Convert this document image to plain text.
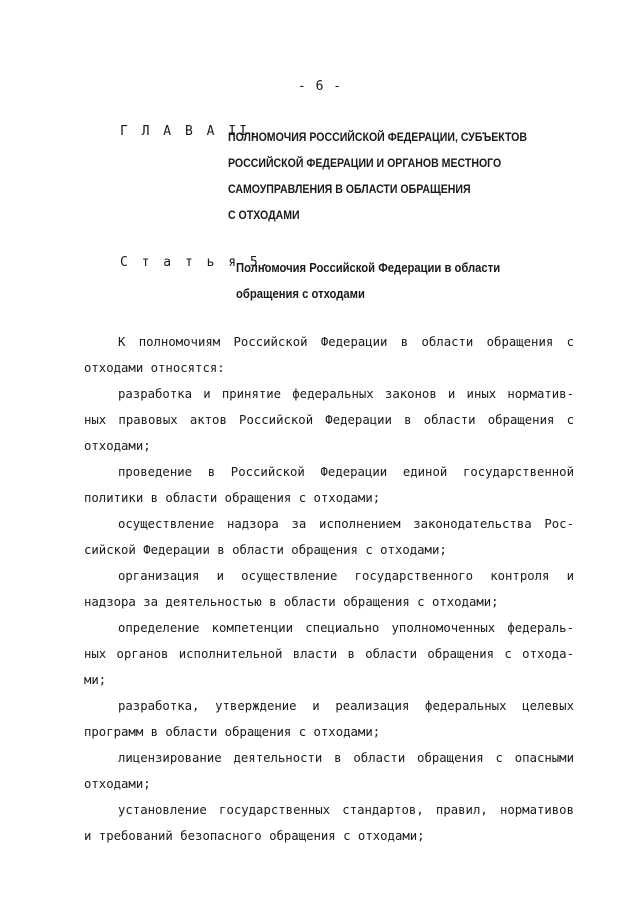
- 6 -
Г Л А В А II.
ПОЛНОМОЧИЯ РОССИЙСКОЙ ФЕДЕРАЦИИ, СУБЪЕКТОВ
РОССИЙСКОЙ ФЕДЕРАЦИИ И ОРГАНОВ МЕСТНОГО
САМОУПРАВЛЕНИЯ В ОБЛАСТИ ОБРАЩЕНИЯ
С ОТХОДАМИ
С т а т ь я 5.
Полномочия Российской Федерации в области
обращения с отходами
К полномочиям Российской Федерации в области обращения с
отходами относятся:
разработка и принятие федеральных законов и иных норматив-
ных правовых актов Российской Федерации в области обращения с
отходами;
проведение в Российской Федерации единой государственной
политики в области обращения с отходами;
осуществление надзора за исполнением законодательства Рос-
сийской Федерации в области обращения с отходами;
организация и осуществление государственного контроля и
надзора за деятельностью в области обращения с отходами;
определение компетенции специально уполномоченных федераль-
ных органов исполнительной власти в области обращения с отхода-
ми;
разработка, утверждение и реализация федеральных целевых
программ в области обращения с отходами;
лицензирование деятельности в области обращения с опасными
отходами;
установление государственных стандартов, правил, нормативов
и требований безопасного обращения с отходами;
